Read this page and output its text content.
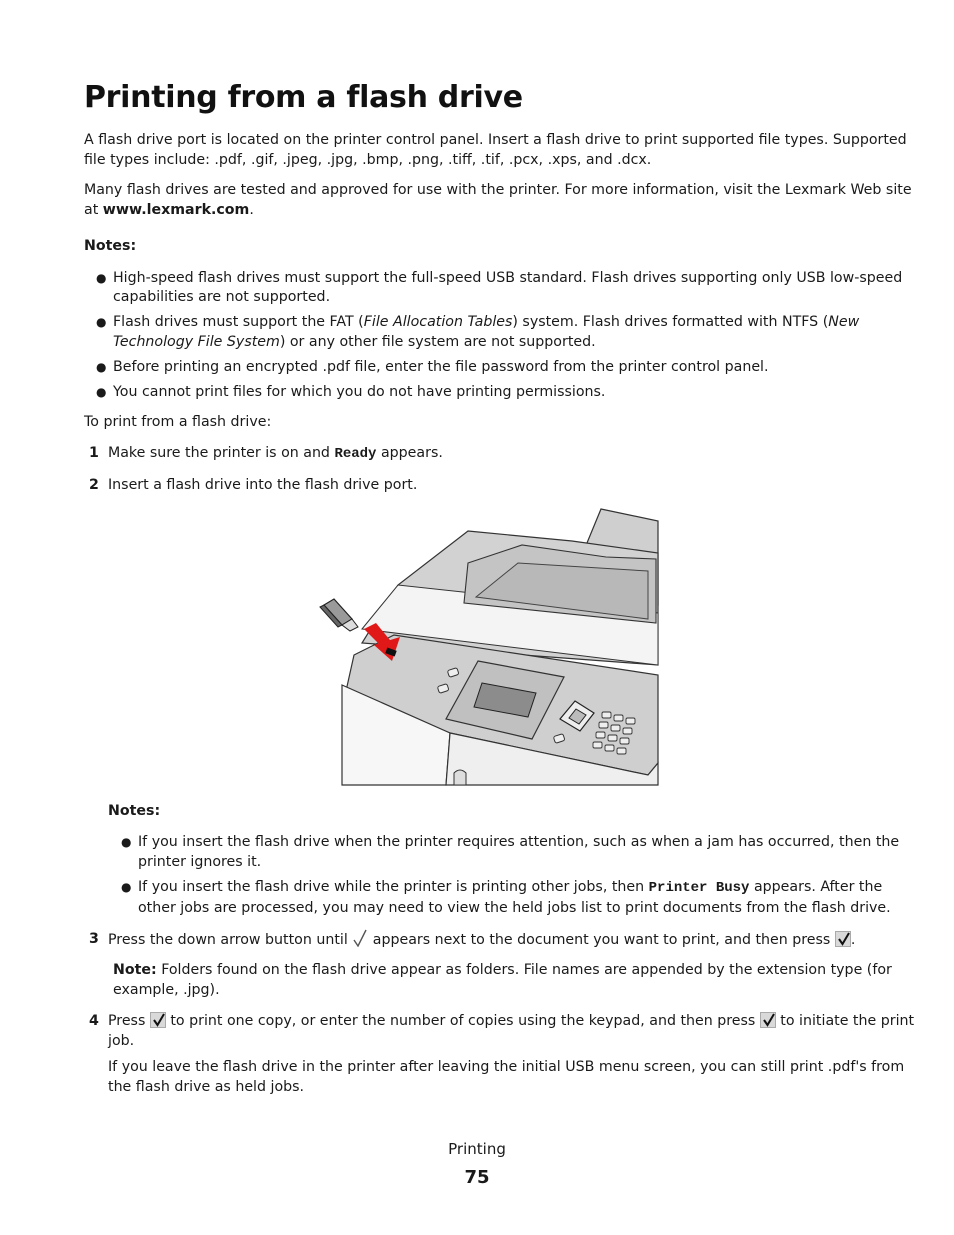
Printing from a flash drive

A flash drive port is located on the printer control panel. Insert a flash drive to print supported file types. Supported

file types include: .pdf, .gif, .jpeg, .jpg, .bmp, .png, .tiff, .tif, .pcx, .xps, and .dcx.

Many flash drives are tested and approved for use with the printer. For more information, visit the Lexmark Web site

at www.lexmark.com.

Notes:

● High-speed flash drives must support the full-speed USB standard. Flash drives supporting only USB low-speed

capabilities are not supported.

● Flash drives must support the FAT (File Allocation Tables) system. Flash drives formatted with NTFS (New

Technology File System) or any other file system are not supported.

● Before printing an encrypted .pdf file, enter the file password from the printer control panel.

● You cannot print files for which you do not have printing permissions.

To print from a flash drive:

1 Make sure the printer is on and Ready appears.

2 Insert a flash drive into the flash drive port.

Notes:

● If you insert the flash drive when the printer requires attention, such as when a jam has occurred, then the

printer ignores it.

● If you insert the flash drive while the printer is printing other jobs, then Printer Busy appears. After the

other jobs are processed, you may need to view the held jobs list to print documents from the flash drive.

3 Press the down arrow button until  appears next to the document you want to print, and then press
.

Note: Folders found on the flash drive appear as folders. File names are appended by the extension type (for

example, .jpg).

4 Press
to print one copy, or enter the number of copies using the keypad, and then press
to initiate the print

job.

If you leave the flash drive in the printer after leaving the initial USB menu screen, you can still print .pdf's from

the flash drive as held jobs.

Printing
75
